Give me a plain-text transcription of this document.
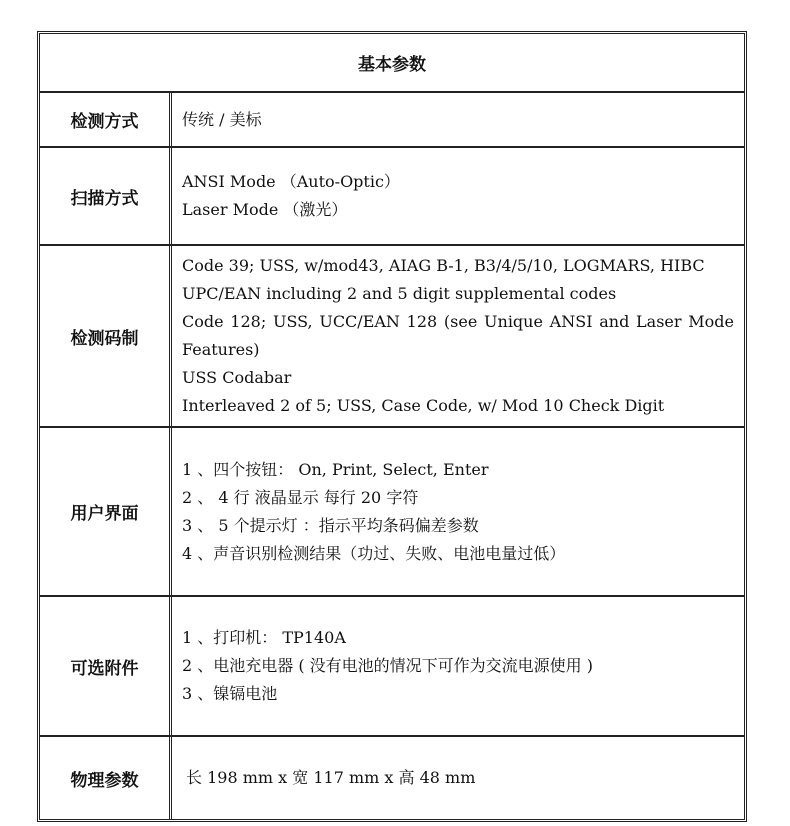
基本参数
检测方式	传统 / 美标
扫描方式
ANSI Mode （Auto-Optic）
Laser Mode （激光）
检测码制
Code 39; USS, w/mod43, AIAG B-1, B3/4/5/10, LOGMARS, HIBC
UPC/EAN including 2 and 5 digit supplemental codes
Code 128; USS, UCC/EAN 128 (see Unique ANSI and Laser Mode Features)
USS Codabar
Interleaved 2 of 5; USS, Case Code, w/ Mod 10 Check Digit
用户界面
1 、四个按钮： On, Print, Select, Enter
2 、 4 行 液晶显示 每行 20 字符
3 、 5 个提示灯 ：指示平均条码偏差参数
4 、声音识别检测结果（功过、失败、电池电量过低）
可选附件
1 、打印机： TP140A
2 、电池充电器 ( 没有电池的情况下可作为交流电源使用 )
3 、镍镉电池
物理参数	长 198 mm x 宽 117 mm x 高 48 mm
